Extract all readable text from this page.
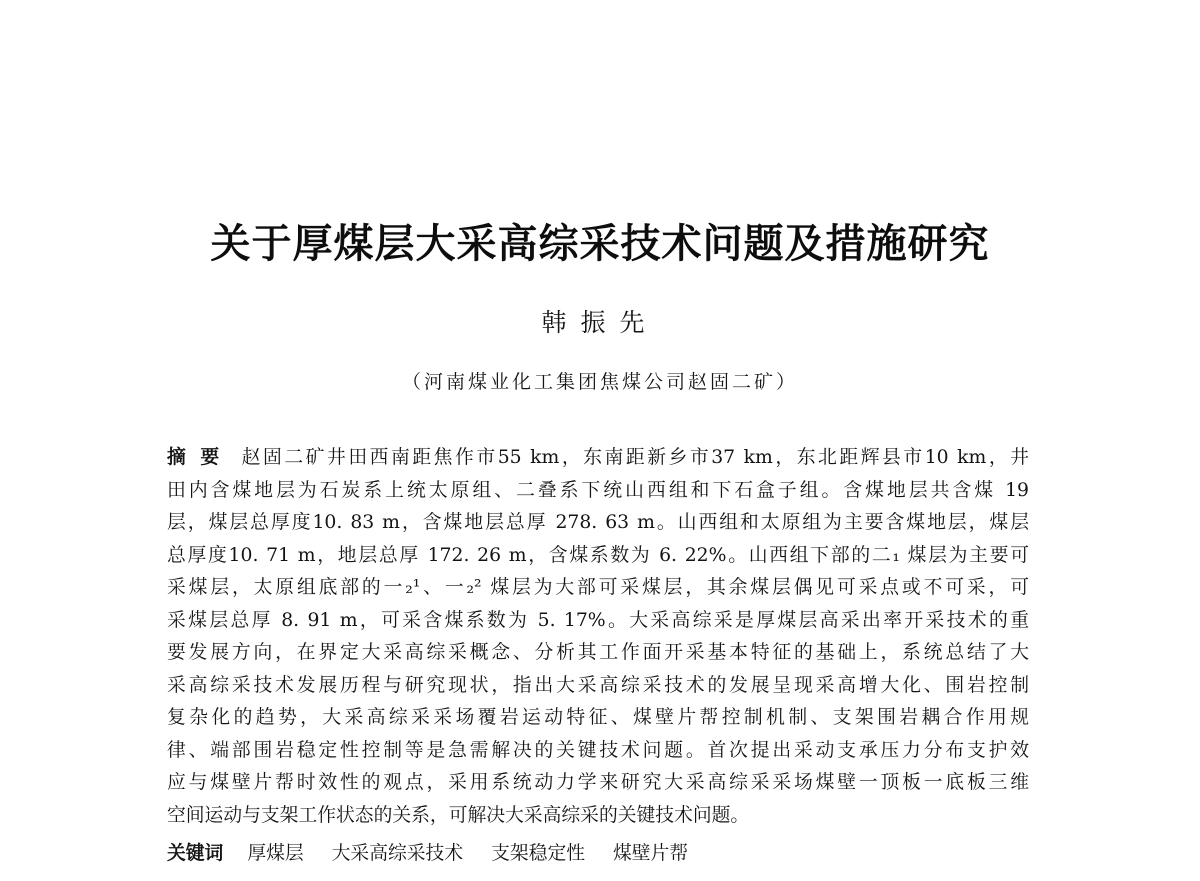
关于厚煤层大采高综采技术问题及措施研究
韩振先
（河南煤业化工集团焦煤公司赵固二矿）
摘要 赵固二矿井田西南距焦作市55 km，东南距新乡市37 km，东北距辉县市10 km，井
田内含煤地层为石炭系上统太原组、二叠系下统山西组和下石盒子组。含煤地层共含煤 19
层，煤层总厚度10. 83 m，含煤地层总厚 278. 63 m。山西组和太原组为主要含煤地层，煤层
总厚度10. 71 m，地层总厚 172. 26 m，含煤系数为 6. 22%。山西组下部的二₁ 煤层为主要可
采煤层，太原组底部的一₂¹、一₂² 煤层为大部可采煤层，其余煤层偶见可采点或不可采，可
采煤层总厚 8. 91 m，可采含煤系数为 5. 17%。大采高综采是厚煤层高采出率开采技术的重
要发展方向，在界定大采高综采概念、分析其工作面开采基本特征的基础上，系统总结了大
采高综采技术发展历程与研究现状，指出大采高综采技术的发展呈现采高增大化、围岩控制
复杂化的趋势，大采高综采采场覆岩运动特征、煤壁片帮控制机制、支架围岩耦合作用规
律、端部围岩稳定性控制等是急需解决的关键技术问题。首次提出采动支承压力分布支护效
应与煤壁片帮时效性的观点，采用系统动力学来研究大采高综采采场煤壁一顶板一底板三维
空间运动与支架工作状态的关系，可解决大采高综采的关键技术问题。
关键词 厚煤层 大采高综采技术 支架稳定性 煤壁片帮
